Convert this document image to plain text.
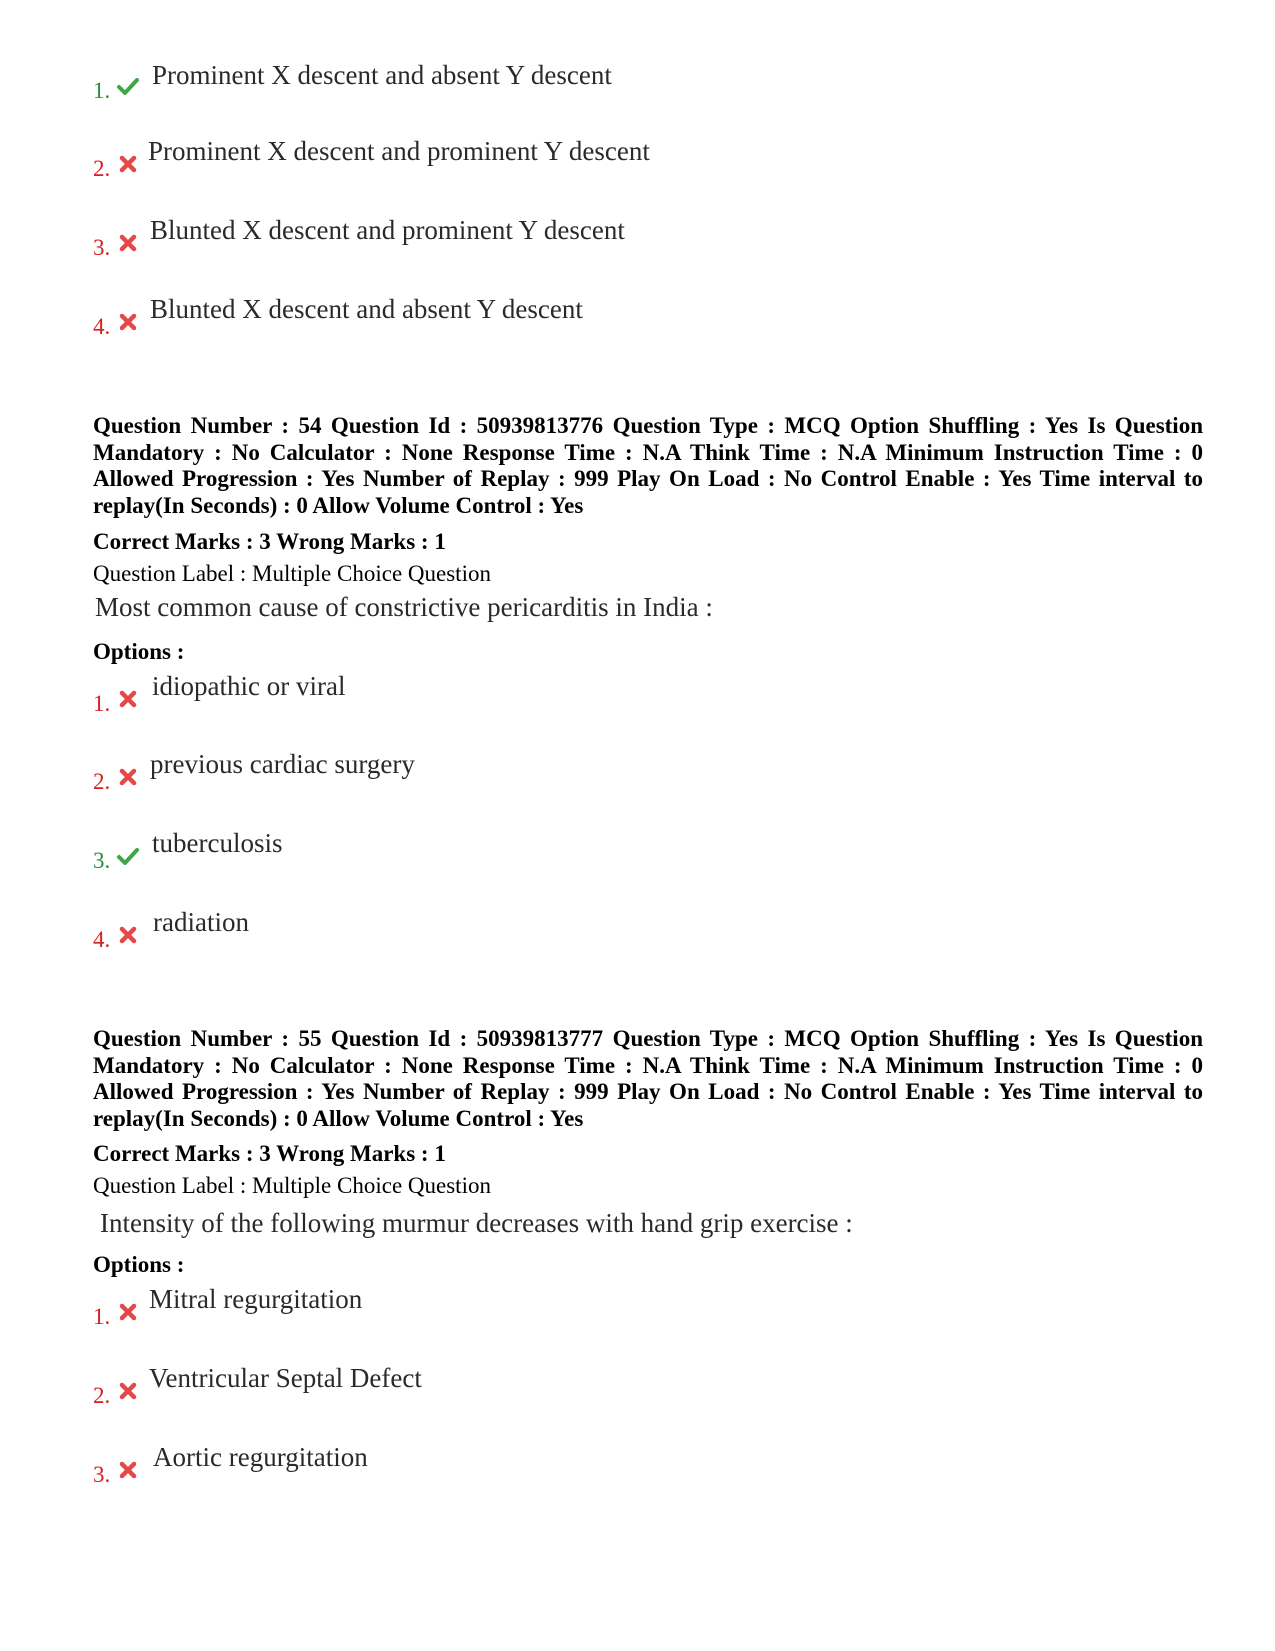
1.
Prominent X descent and absent Y descent
2.
Prominent X descent and prominent Y descent
3.
Blunted X descent and prominent Y descent
4.
Blunted X descent and absent Y descent
Question Number : 54 Question Id : 50939813776 Question Type : MCQ Option Shuffling : Yes Is Question Mandatory : No Calculator : None Response Time : N.A Think Time : N.A Minimum Instruction Time : 0 Allowed Progression : Yes Number of Replay : 999 Play On Load : No Control Enable : Yes Time interval to replay(In Seconds) : 0 Allow Volume Control : Yes
Correct Marks : 3 Wrong Marks : 1
Question Label : Multiple Choice Question
Most common cause of constrictive pericarditis in India :
Options :
1.
idiopathic or viral
2.
previous cardiac surgery
3.
tuberculosis
4.
radiation
Question Number : 55 Question Id : 50939813777 Question Type : MCQ Option Shuffling : Yes Is Question Mandatory : No Calculator : None Response Time : N.A Think Time : N.A Minimum Instruction Time : 0 Allowed Progression : Yes Number of Replay : 999 Play On Load : No Control Enable : Yes Time interval to replay(In Seconds) : 0 Allow Volume Control : Yes
Correct Marks : 3 Wrong Marks : 1
Question Label : Multiple Choice Question
Intensity of the following murmur decreases with hand grip exercise :
Options :
1.
Mitral regurgitation
2.
Ventricular Septal Defect
3.
Aortic regurgitation
